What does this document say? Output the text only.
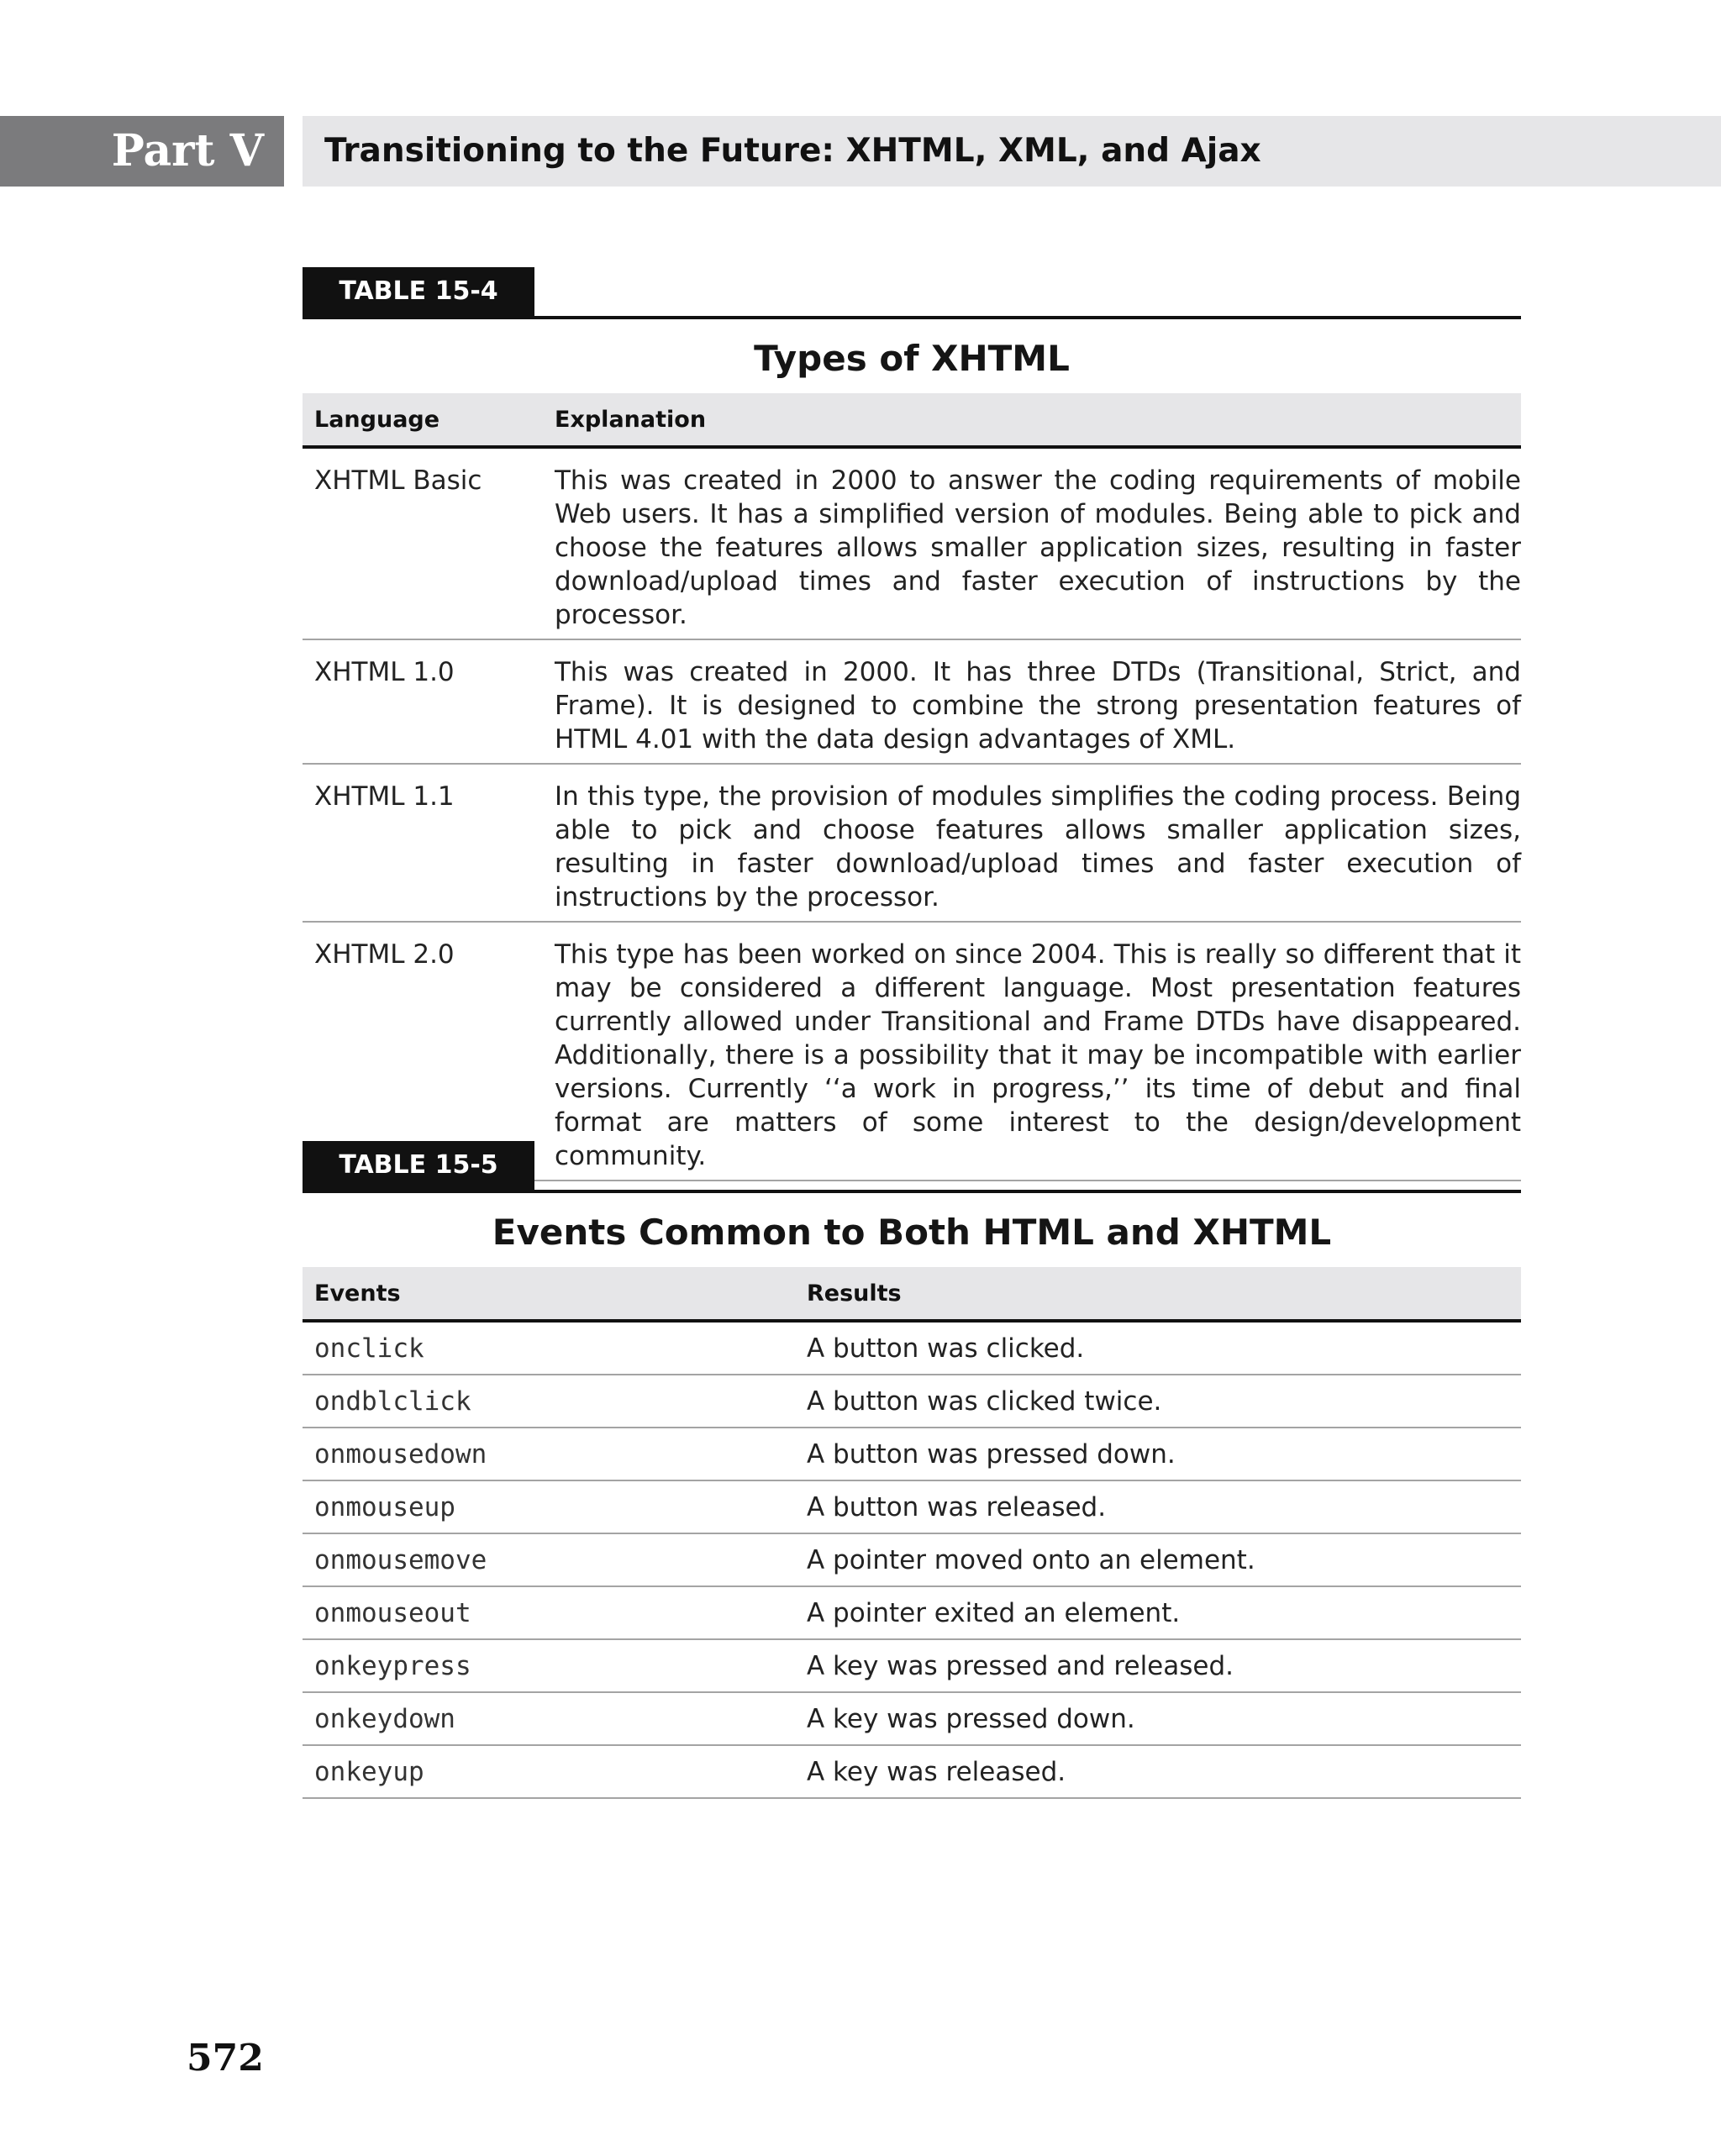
Part V	Transitioning to the Future: XHTML, XML, and Ajax
TABLE 15-4
Types of XHTML
Language	Explanation
XHTML Basic	This was created in 2000 to answer the coding requirements of mobile Web users. It has a simplified version of modules. Being able to pick and choose the features allows smaller application sizes, resulting in faster download/upload times and faster execution of instructions by the processor.
XHTML 1.0	This was created in 2000. It has three DTDs (Transitional, Strict, and Frame). It is designed to combine the strong presentation features of HTML 4.01 with the data design advantages of XML.
XHTML 1.1	In this type, the provision of modules simplifies the coding process. Being able to pick and choose features allows smaller application sizes, resulting in faster download/upload times and faster execution of instructions by the processor.
XHTML 2.0	This type has been worked on since 2004. This is really so different that it may be considered a different language. Most presentation features currently allowed under Transitional and Frame DTDs have disappeared. Additionally, there is a possibility that it may be incompatible with earlier versions. Currently ‘‘a work in progress,’’ its time of debut and final format are matters of some interest to the design/development community.
TABLE 15-5
Events Common to Both HTML and XHTML
Events	Results
onclick	A button was clicked.
ondblclick	A button was clicked twice.
onmousedown	A button was pressed down.
onmouseup	A button was released.
onmousemove	A pointer moved onto an element.
onmouseout	A pointer exited an element.
onkeypress	A key was pressed and released.
onkeydown	A key was pressed down.
onkeyup	A key was released.
572
